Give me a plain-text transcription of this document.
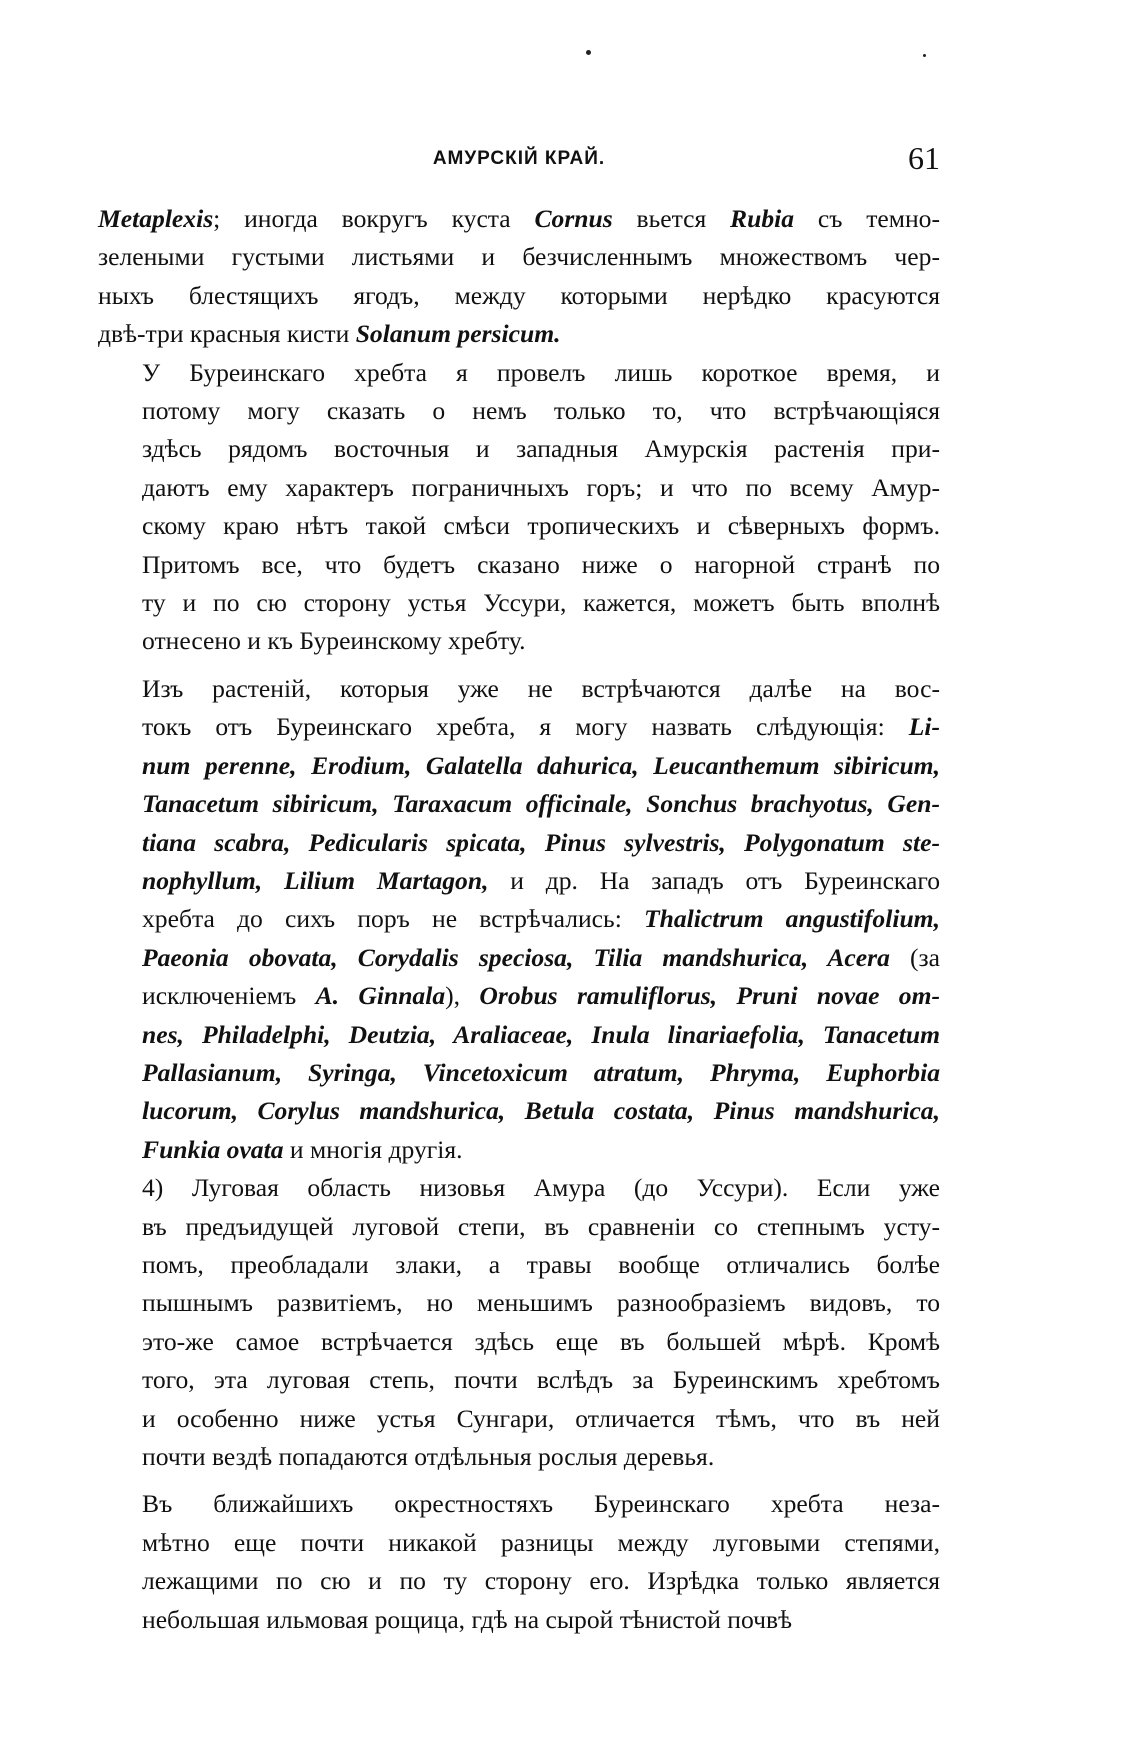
АМУРСКІЙ КРАЙ.	61

Metaplexis; иногда вокругъ куста Cornus вьется Rubia съ темно-
зелеными густыми листьями и безчисленнымъ множествомъ чер-
ныхъ блестящихъ ягодъ, между которыми нерѣдко красуются
двѣ-три красныя кисти Solanum persicum.

У Буреинскаго хребта я провелъ лишь короткое время, и
потому могу сказать о немъ только то, что встрѣчающіяся
здѣсь рядомъ восточныя и западныя Амурскія растенія при-
даютъ ему характеръ пограничныхъ горъ; и что по всему Амур-
скому краю нѣтъ такой смѣси тропическихъ и сѣверныхъ формъ.
Притомъ все, что будетъ сказано ниже о нагорной странѣ по
ту и по сю сторону устья Уссури, кажется, можетъ быть вполнѣ
отнесено и къ Буреинскому хребту.

Изъ растеній, которыя уже не встрѣчаются далѣе на вос-
токъ отъ Буреинскаго хребта, я могу назвать слѣдующія: Li-
num perenne, Erodium, Galatella dahurica, Leucanthemum sibiricum,
Tanacetum sibiricum, Taraxacum officinale, Sonchus brachyotus, Gen-
tiana scabra, Pedicularis spicata, Pinus sylvestris, Polygonatum ste-
nophyllum, Lilium Martagon, и др. На западъ отъ Буреинскаго
хребта до сихъ поръ не встрѣчались: Thalictrum angustifolium,
Paeonia obovata, Corydalis speciosa, Tilia mandshurica, Acera (за
исключеніемъ A. Ginnala), Orobus ramuliflorus, Pruni novae om-
nes, Philadelphi, Deutzia, Araliaceae, Inula linariaefolia, Tanacetum
Pallasianum, Syringa, Vincetoxicum atratum, Phryma, Euphorbia
lucorum, Corylus mandshurica, Betula costata, Pinus mandshurica,
Funkia ovata и многія другія.

4) Луговая область низовья Амура (до Уссури). Если уже
въ предъидущей луговой степи, въ сравненіи со степнымъ усту-
помъ, преобладали злаки, а травы вообще отличались болѣе
пышнымъ развитіемъ, но меньшимъ разнообразіемъ видовъ, то
это-же самое встрѣчается здѣсь еще въ большей мѣрѣ. Кромѣ
того, эта луговая степь, почти вслѣдъ за Буреинскимъ хребтомъ
и особенно ниже устья Сунгари, отличается тѣмъ, что въ ней
почти вездѣ попадаются отдѣльныя рослыя деревья.

Въ ближайшихъ окрестностяхъ Буреинскаго хребта неза-
мѣтно еще почти никакой разницы между луговыми степями,
лежащими по сю и по ту сторону его. Изрѣдка только является
небольшая ильмовая рощица, гдѣ на сырой тѣнистой почвѣ
